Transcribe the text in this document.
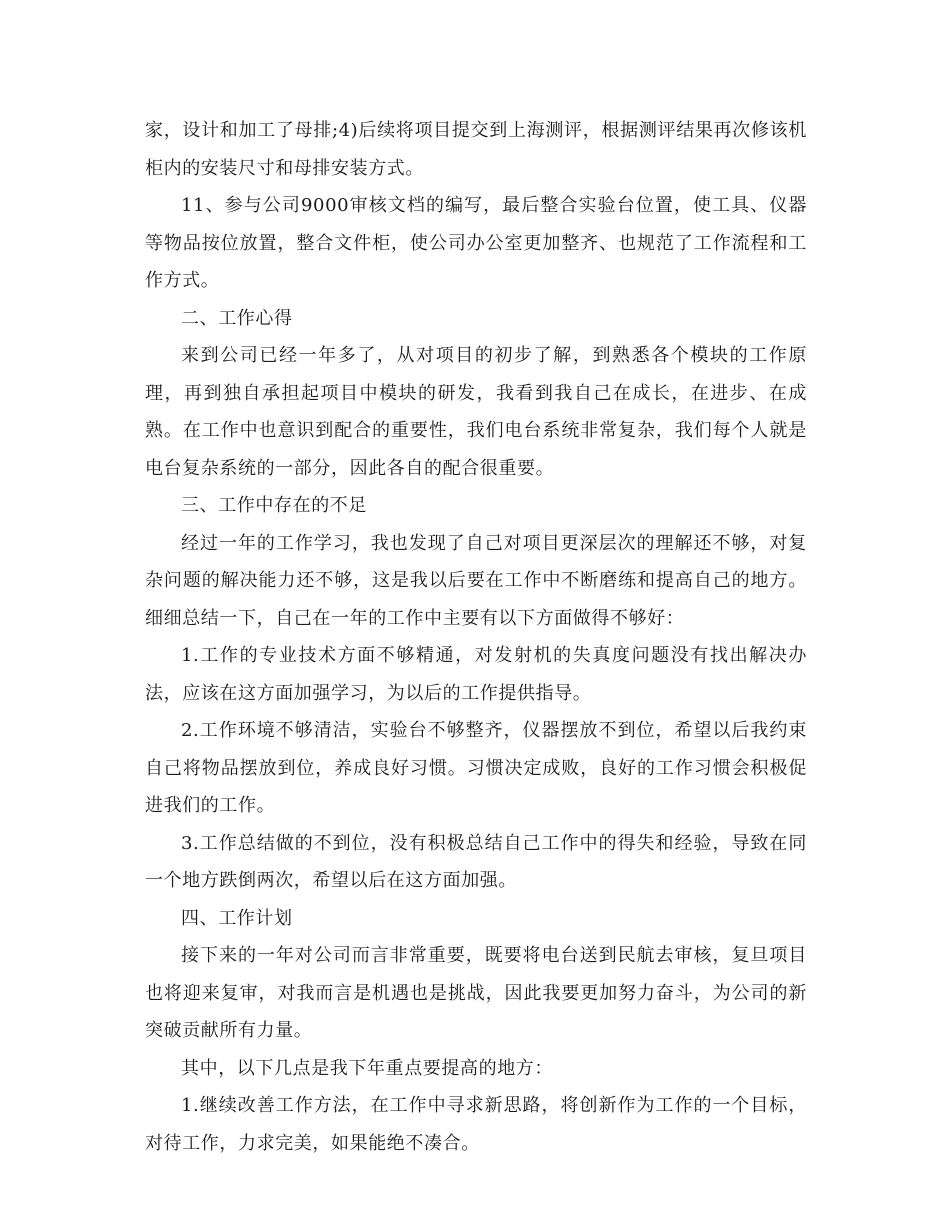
家，设计和加工了母排;4)后续将项目提交到上海测评，根据测评结果再次修该机柜内的安装尺寸和母排安装方式。

11、参与公司9000审核文档的编写，最后整合实验台位置，使工具、仪器等物品按位放置，整合文件柜，使公司办公室更加整齐、也规范了工作流程和工作方式。

二、工作心得

来到公司已经一年多了，从对项目的初步了解，到熟悉各个模块的工作原理，再到独自承担起项目中模块的研发，我看到我自己在成长，在进步、在成熟。在工作中也意识到配合的重要性，我们电台系统非常复杂，我们每个人就是电台复杂系统的一部分，因此各自的配合很重要。

三、工作中存在的不足

经过一年的工作学习，我也发现了自己对项目更深层次的理解还不够，对复杂问题的解决能力还不够，这是我以后要在工作中不断磨练和提高自己的地方。细细总结一下，自己在一年的工作中主要有以下方面做得不够好：

1.工作的专业技术方面不够精通，对发射机的失真度问题没有找出解决办法，应该在这方面加强学习，为以后的工作提供指导。

2.工作环境不够清洁，实验台不够整齐，仪器摆放不到位，希望以后我约束自己将物品摆放到位，养成良好习惯。习惯决定成败，良好的工作习惯会积极促进我们的工作。

3.工作总结做的不到位，没有积极总结自己工作中的得失和经验，导致在同一个地方跌倒两次，希望以后在这方面加强。

四、工作计划

接下来的一年对公司而言非常重要，既要将电台送到民航去审核，复旦项目也将迎来复审，对我而言是机遇也是挑战，因此我要更加努力奋斗，为公司的新突破贡献所有力量。

其中，以下几点是我下年重点要提高的地方：

1.继续改善工作方法，在工作中寻求新思路，将创新作为工作的一个目标，对待工作，力求完美，如果能绝不凑合。
